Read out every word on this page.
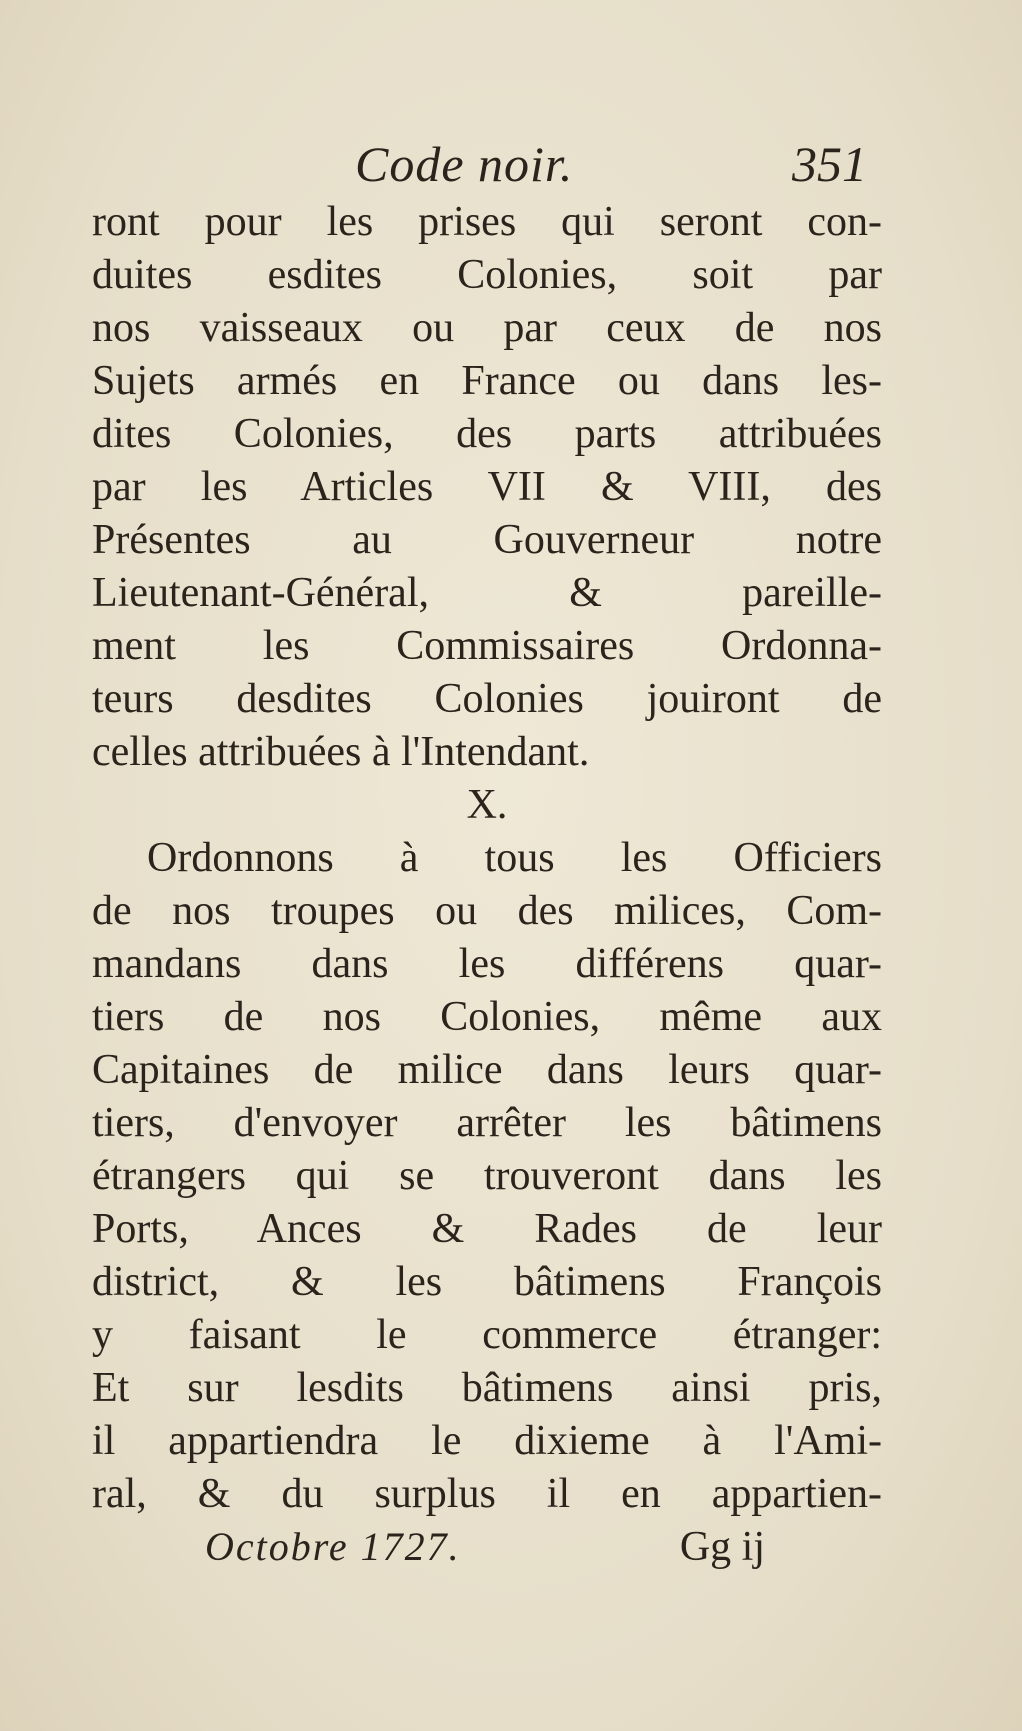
Code noir.	351
ront pour les prises qui seront con-
duites esdites Colonies, soit par
nos vaisseaux ou par ceux de nos
Sujets armés en France ou dans les-
dites Colonies, des parts attribuées
par les Articles VII & VIII, des
Présentes au Gouverneur notre
Lieutenant-Général, & pareille-
ment les Commissaires Ordonna-
teurs desdites Colonies jouiront de
celles attribuées à l'Intendant.
X.
Ordonnons à tous les Officiers
de nos troupes ou des milices, Com-
mandans dans les différens quar-
tiers de nos Colonies, même aux
Capitaines de milice dans leurs quar-
tiers, d'envoyer arrêter les bâtimens
étrangers qui se trouveront dans les
Ports, Ances & Rades de leur
district, & les bâtimens François
y faisant le commerce étranger:
Et sur lesdits bâtimens ainsi pris,
il appartiendra le dixieme à l'Ami-
ral, & du surplus il en appartien-
Octobre 1727.	Gg ij
